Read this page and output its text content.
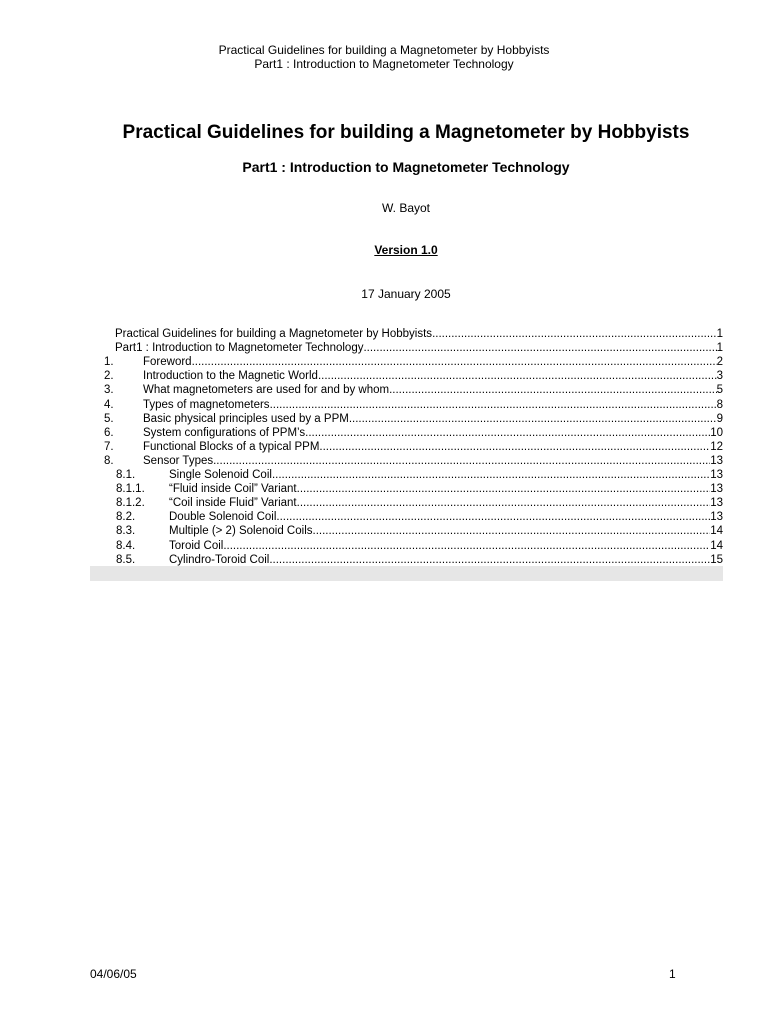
Practical Guidelines for building a Magnetometer by Hobbyists
Part1 : Introduction to Magnetometer Technology
Practical Guidelines for building a Magnetometer by Hobbyists
Part1 : Introduction to Magnetometer Technology
W. Bayot
Version 1.0
17 January 2005
Practical Guidelines for building a Magnetometer by Hobbyists .....	1
Part1 : Introduction to Magnetometer Technology .....	1
1.	Foreword .....	2
2.	Introduction to the Magnetic World .....	3
3.	What magnetometers are used for and by whom .....	5
4.	Types of magnetometers .....	8
5.	Basic physical principles used by a PPM .....	9
6.	System configurations of PPM’s .....	10
7.	Functional Blocks of a typical PPM .....	12
8.	Sensor Types .....	13
8.1.	Single Solenoid Coil .....	13
8.1.1. “Fluid inside Coil” Variant .....	13
8.1.2. “Coil inside Fluid” Variant .....	13
8.2.	Double Solenoid Coil .....	13
8.3.	Multiple (> 2) Solenoid Coils .....	14
8.4.	Toroid Coil .....	14
8.5.	Cylindro-Toroid Coil .....	15
04/06/05	1
